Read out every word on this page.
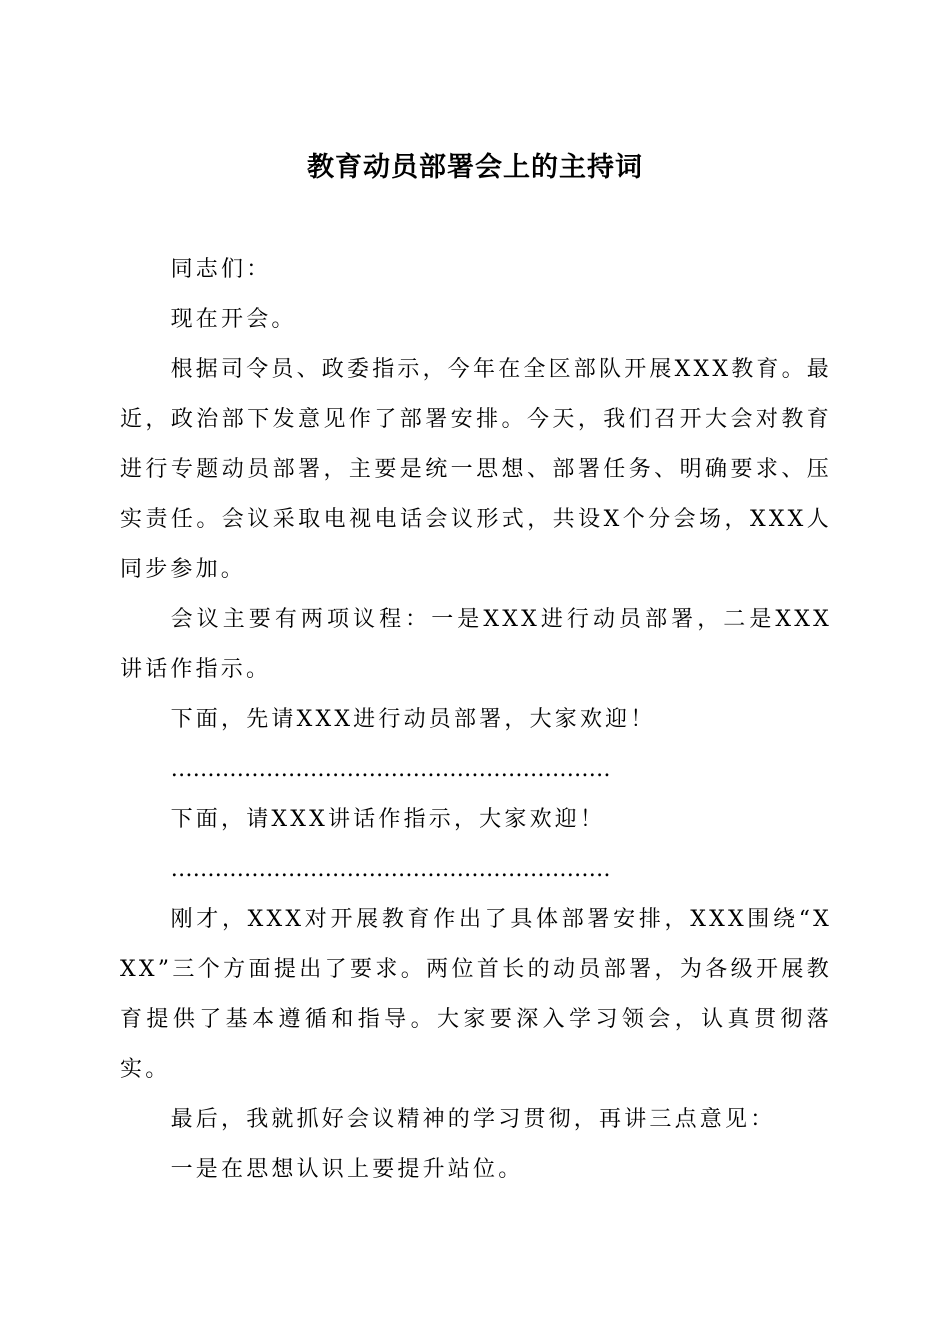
教育动员部署会上的主持词

同志们：

现在开会。

根据司令员、政委指示，今年在全区部队开展XXX教育。最近，政治部下发意见作了部署安排。今天，我们召开大会对教育进行专题动员部署，主要是统一思想、部署任务、明确要求、压实责任。会议采取电视电话会议形式，共设X个分会场，XXX人同步参加。

会议主要有两项议程：一是XXX进行动员部署，二是XXX讲话作指示。

下面，先请XXX进行动员部署，大家欢迎！

……………………………………………………

下面，请XXX讲话作指示，大家欢迎！

……………………………………………………

刚才，XXX对开展教育作出了具体部署安排，XXX围绕“XXX”三个方面提出了要求。两位首长的动员部署，为各级开展教育提供了基本遵循和指导。大家要深入学习领会，认真贯彻落实。

最后，我就抓好会议精神的学习贯彻，再讲三点意见：

一是在思想认识上要提升站位。
